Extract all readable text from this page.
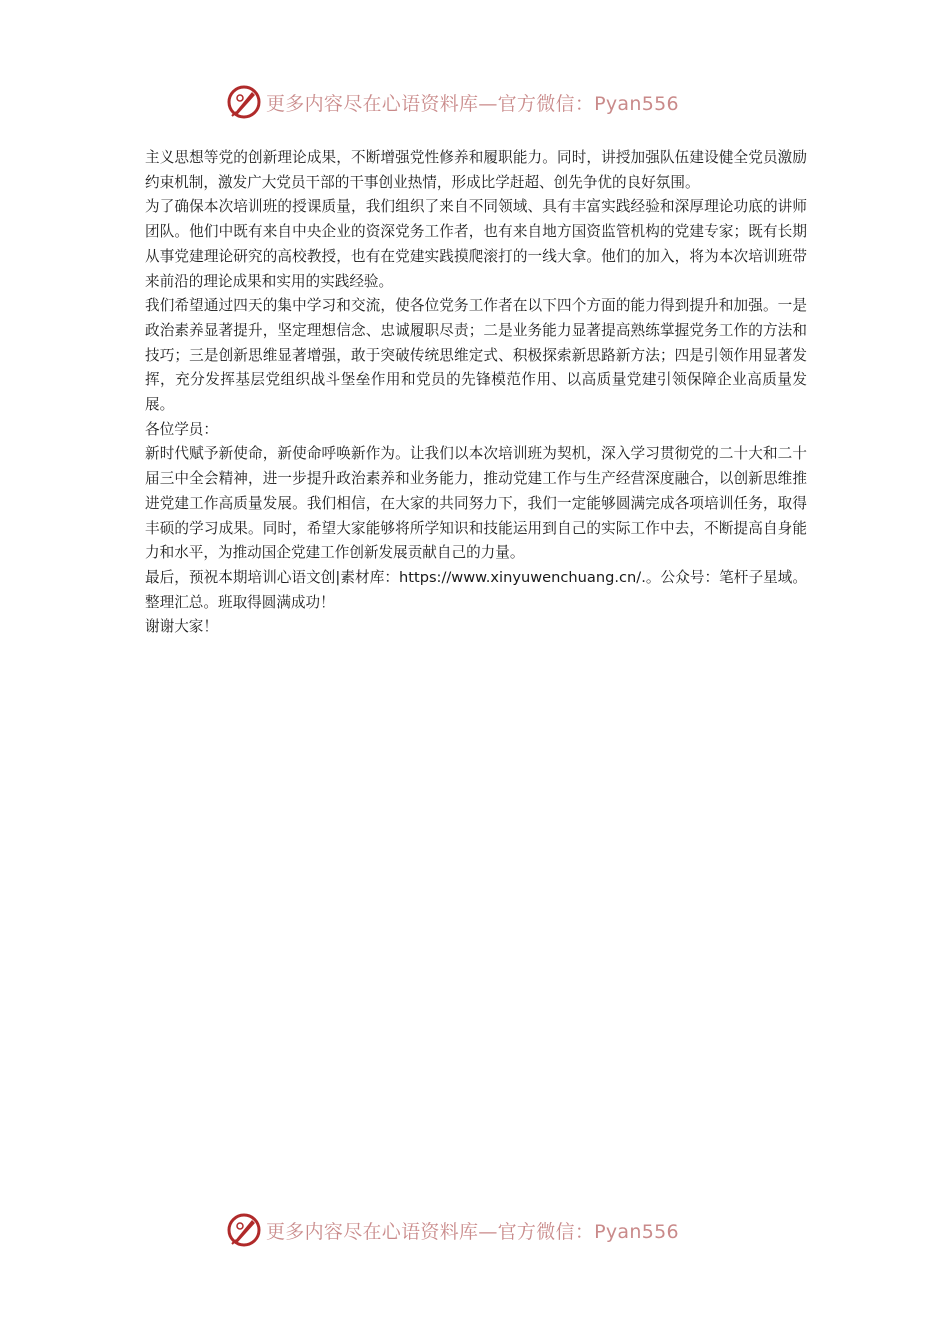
更多内容尽在心语资料库—官方微信：Pyan556

主义思想等党的创新理论成果，不断增强党性修养和履职能力。同时，讲授加强队伍建设健全党员激励约束机制，激发广大党员干部的干事创业热情，形成比学赶超、创先争优的良好氛围。

为了确保本次培训班的授课质量，我们组织了来自不同领域、具有丰富实践经验和深厚理论功底的讲师团队。他们中既有来自中央企业的资深党务工作者，也有来自地方国资监管机构的党建专家；既有长期从事党建理论研究的高校教授，也有在党建实践摸爬滚打的一线大拿。他们的加入，将为本次培训班带来前沿的理论成果和实用的实践经验。

我们希望通过四天的集中学习和交流，使各位党务工作者在以下四个方面的能力得到提升和加强。一是政治素养显著提升，坚定理想信念、忠诚履职尽责；二是业务能力显著提高熟练掌握党务工作的方法和技巧；三是创新思维显著增强，敢于突破传统思维定式、积极探索新思路新方法；四是引领作用显著发挥，充分发挥基层党组织战斗堡垒作用和党员的先锋模范作用、以高质量党建引领保障企业高质量发展。

各位学员：

新时代赋予新使命，新使命呼唤新作为。让我们以本次培训班为契机，深入学习贯彻党的二十大和二十届三中全会精神，进一步提升政治素养和业务能力，推动党建工作与生产经营深度融合，以创新思维推进党建工作高质量发展。我们相信，在大家的共同努力下，我们一定能够圆满完成各项培训任务，取得丰硕的学习成果。同时，希望大家能够将所学知识和技能运用到自己的实际工作中去，不断提高自身能力和水平，为推动国企党建工作创新发展贡献自己的力量。

最后，预祝本期培训心语文创|素材库：https://www.xinyuwenchuang.cn/.。公众号：笔杆子星域。整理汇总。班取得圆满成功！

谢谢大家！

更多内容尽在心语资料库—官方微信：Pyan556
